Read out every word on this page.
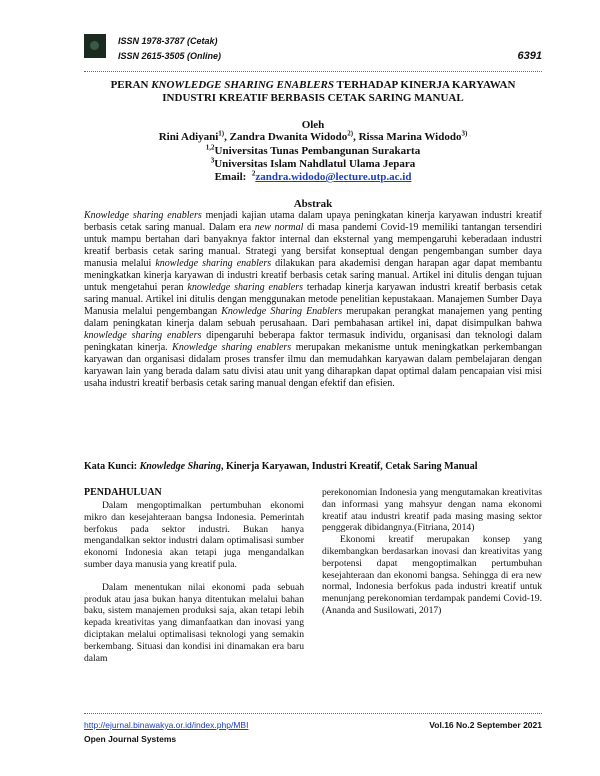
ISSN 1978-3787 (Cetak)
ISSN 2615-3505 (Online)	6391
PERAN KNOWLEDGE SHARING ENABLERS TERHADAP KINERJA KARYAWAN INDUSTRI KREATIF BERBASIS CETAK SARING MANUAL
Oleh
Rini Adiyani$^{1)}$, Zandra Dwanita Widodo$^{2)}$, Rissa Marina Widodo$^{3)}$
$^{1,2}$Universitas Tunas Pembangunan Surakarta
$^3$Universitas Islam Nahdlatul Ulama Jepara
Email: $^2$zandra.widodo@lecture.utp.ac.id
Abstrak
Knowledge sharing enablers menjadi kajian utama dalam upaya peningkatan kinerja karyawan industri kreatif berbasis cetak saring manual. Dalam era new normal di masa pandemi Covid-19 memiliki tantangan tersendiri untuk mampu bertahan dari banyaknya faktor internal dan eksternal yang mempengaruhi keberadaan industri kreatif berbasis cetak saring manual. Strategi yang bersifat konseptual dengan pengembangan sumber daya manusia melalui knowledge sharing enablers dilakukan para akademisi dengan harapan agar dapat membantu meningkatkan kinerja karyawan di industri kreatif berbasis cetak saring manual. Artikel ini ditulis dengan tujuan untuk mengetahui peran knowledge sharing enablers terhadap kinerja karyawan industri kreatif berbasis cetak saring manual. Artikel ini ditulis dengan menggunakan metode penelitian kepustakaan. Manajemen Sumber Daya Manusia melalui pengembangan Knowledge Sharing Enablers merupakan perangkat manajemen yang penting dalam peningkatan kinerja dalam sebuah perusahaan. Dari pembahasan artikel ini, dapat disimpulkan bahwa knowledge sharing enablers dipengaruhi beberapa faktor termasuk individu, organisasi dan teknologi dalam peningkatan kinerja. Knowledge sharing enablers merupakan mekanisme untuk meningkatkan perkembangan karyawan dan organisasi didalam proses transfer ilmu dan memudahkan karyawan dalam pembelajaran dengan karyawan lain yang berada dalam satu divisi atau unit yang diharapkan dapat optimal dalam pencapaian visi misi usaha industri kreatif berbasis cetak saring manual dengan efektif dan efisien.
Kata Kunci: Knowledge Sharing, Kinerja Karyawan, Industri Kreatif, Cetak Saring Manual
PENDAHULUAN

Dalam mengoptimalkan pertumbuhan ekonomi mikro dan kesejahteraan bangsa Indonesia. Pemerintah berfokus pada sektor industri. Bukan hanya mengandalkan sektor industri dalam optimalisasi sumber ekonomi Indonesia akan tetapi juga mengandalkan sumber daya manusia yang kreatif pula.

Dalam menentukan nilai ekonomi pada sebuah produk atau jasa bukan hanya ditentukan melalui bahan baku, sistem manajemen produksi saja, akan tetapi lebih kepada kreativitas yang dimanfaatkan dan inovasi yang diciptakan melalui optimalisasi teknologi yang semakin berkembang. Situasi dan kondisi ini dinamakan era baru dalam

perekonomian Indonesia yang mengutamakan kreativitas dan informasi yang mahsyur dengan nama ekonomi kreatif atau industri kreatif pada masing masing sektor penggerak dibidangnya.(Fitriana, 2014)

Ekonomi kreatif merupakan konsep yang dikembangkan berdasarkan inovasi dan kreativitas yang berpotensi dapat mengoptimalkan pertumbuhan kesejahteraan dan ekonomi bangsa. Sehingga di era new normal, Indonesia berfokus pada industri kreatif untuk menunjang perekonomian terdampak pandemi Covid-19. (Ananda and Susilowati, 2017)

http://ejurnal.binawakya.or.id/index.php/MBI
Open Journal Systems
Vol.16 No.2 September 2021
